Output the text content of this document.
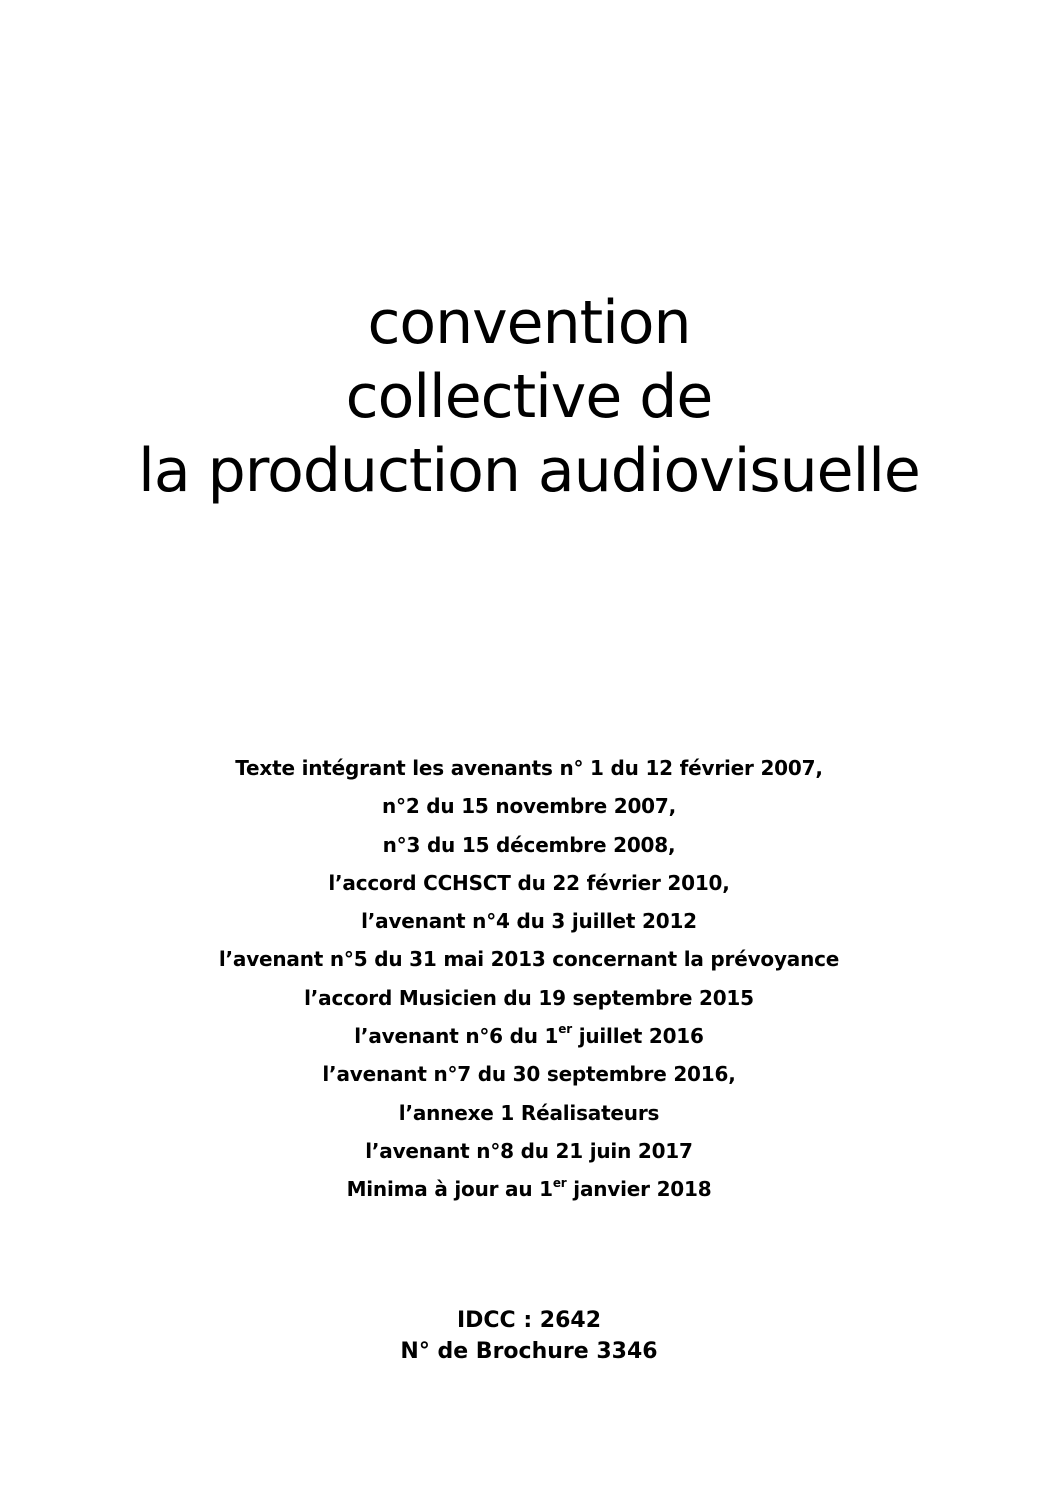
convention
collective de
la production audiovisuelle
Texte intégrant les avenants n° 1 du 12 février 2007,
n°2 du 15 novembre 2007,
n°3 du 15 décembre 2008,
l’accord CCHSCT du 22 février 2010,
l’avenant n°4 du 3 juillet 2012
l’avenant n°5 du 31 mai 2013 concernant la prévoyance
l’accord Musicien du 19 septembre 2015
l’avenant n°6 du 1er juillet 2016
l’avenant n°7 du 30 septembre 2016,
l’annexe 1 Réalisateurs
l’avenant n°8 du 21 juin 2017
Minima à jour au 1er janvier 2018
IDCC : 2642
N° de Brochure 3346
